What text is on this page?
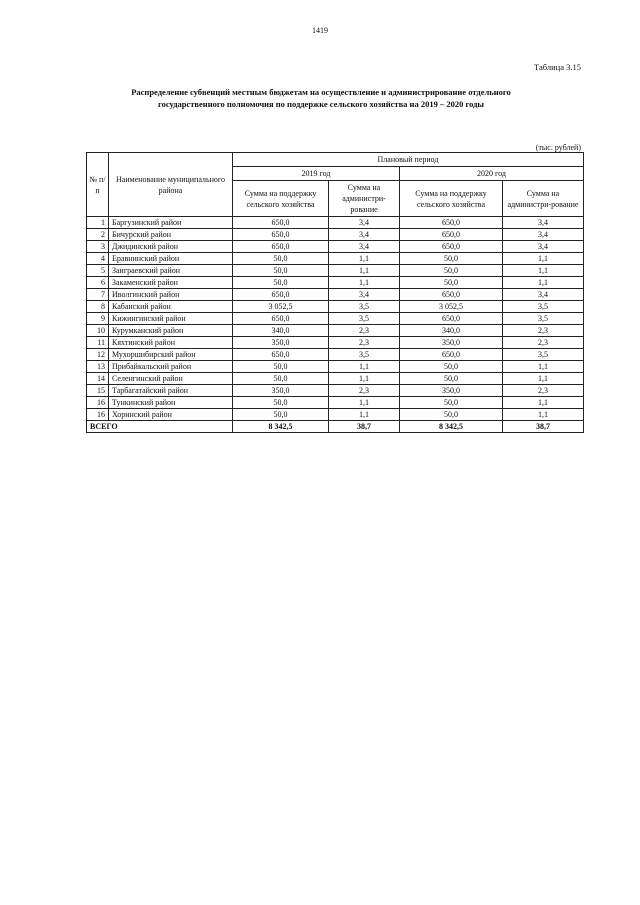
1419
Таблица 3.15
Распределение субвенций местным бюджетам на осуществление и администрирование отдельного
государственного полномочия по поддержке сельского хозяйства на 2019 – 2020 годы
(тыс. рублей)
№ п/п	Наименование муниципального района	Плановый период			
		2019 год		2020 год	
		Сумма на поддержку сельского хозяйства	Сумма на администри-рование	Сумма на поддержку сельского хозяйства	Сумма на администри-рование
1	Баргузинский район	650,0	3,4	650,0	3,4
2	Бичурский район	650,0	3,4	650,0	3,4
3	Джидинский район	650,0	3,4	650,0	3,4
4	Еравнинский район	50,0	1,1	50,0	1,1
5	Заиграевский район	50,0	1,1	50,0	1,1
6	Закаменский район	50,0	1,1	50,0	1,1
7	Иволгинский район	650,0	3,4	650,0	3,4
8	Кабанский район	3 052,5	3,5	3 052,5	3,5
9	Кижингинский район	650,0	3,5	650,0	3,5
10	Курумканский район	340,0	2,3	340,0	2,3
11	Кяхтинский район	350,0	2,3	350,0	2,3
12	Мухоршибирский район	650,0	3,5	650,0	3,5
13	Прибайкальский район	50,0	1,1	50,0	1,1
14	Селенгинский район	50,0	1,1	50,0	1,1
15	Тарбагатайский район	350,0	2,3	350,0	2,3
16	Тункинский район	50,0	1,1	50,0	1,1
16	Хоринский район	50,0	1,1	50,0	1,1
ВСЕГО		8 342,5	38,7	8 342,5	38,7
